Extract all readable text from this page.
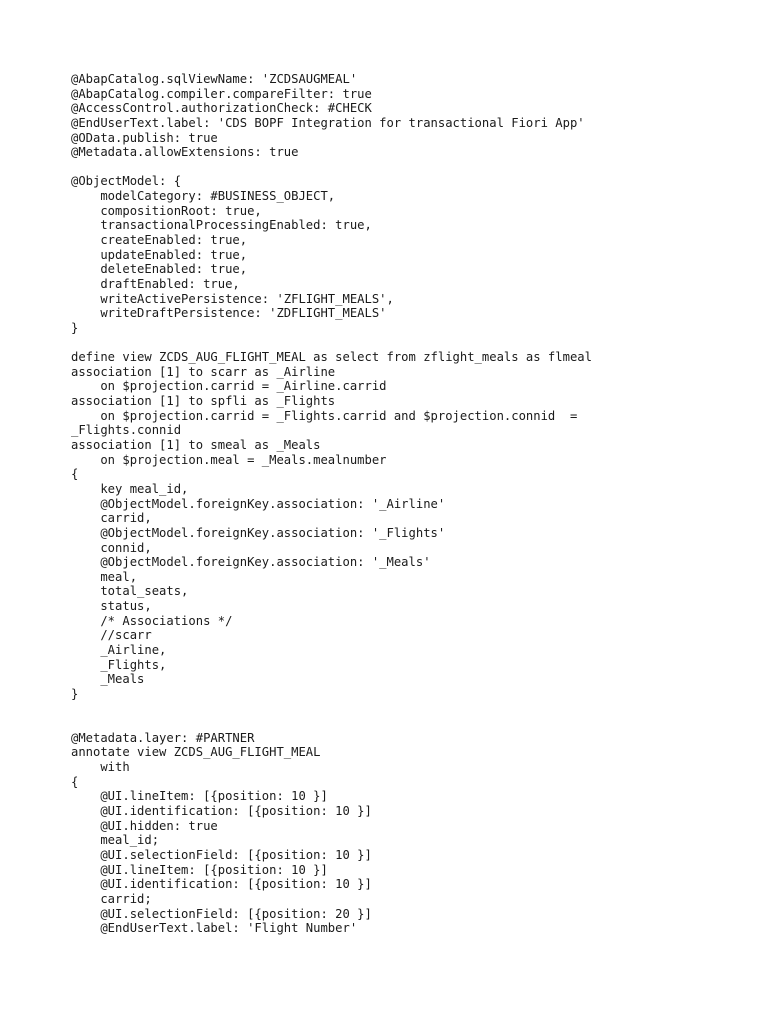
@AbapCatalog.sqlViewName: 'ZCDSAUGMEAL'
@AbapCatalog.compiler.compareFilter: true
@AccessControl.authorizationCheck: #CHECK
@EndUserText.label: 'CDS BOPF Integration for transactional Fiori App'
@OData.publish: true
@Metadata.allowExtensions: true
@ObjectModel: {
modelCategory: #BUSINESS_OBJECT,
compositionRoot: true,
transactionalProcessingEnabled: true,
createEnabled: true,
updateEnabled: true,
deleteEnabled: true,
draftEnabled: true,
writeActivePersistence: 'ZFLIGHT_MEALS',
writeDraftPersistence: 'ZDFLIGHT_MEALS'
}
define view ZCDS_AUG_FLIGHT_MEAL as select from zflight_meals as flmeal
association [1] to scarr as _Airline
on $projection.carrid = _Airline.carrid
association [1] to spfli as _Flights
on $projection.carrid = _Flights.carrid and $projection.connid  =
_Flights.connid
association [1] to smeal as _Meals
on $projection.meal = _Meals.mealnumber
{
key meal_id,
@ObjectModel.foreignKey.association: '_Airline'
carrid,
@ObjectModel.foreignKey.association: '_Flights'
connid,
@ObjectModel.foreignKey.association: '_Meals'
meal,
total_seats,
status,
/* Associations */
//scarr
_Airline,
_Flights,
_Meals
}
@Metadata.layer: #PARTNER
annotate view ZCDS_AUG_FLIGHT_MEAL
with
{
@UI.lineItem: [{position: 10 }]
@UI.identification: [{position: 10 }]
@UI.hidden: true
meal_id;
@UI.selectionField: [{position: 10 }]
@UI.lineItem: [{position: 10 }]
@UI.identification: [{position: 10 }]
carrid;
@UI.selectionField: [{position: 20 }]
@EndUserText.label: 'Flight Number'
